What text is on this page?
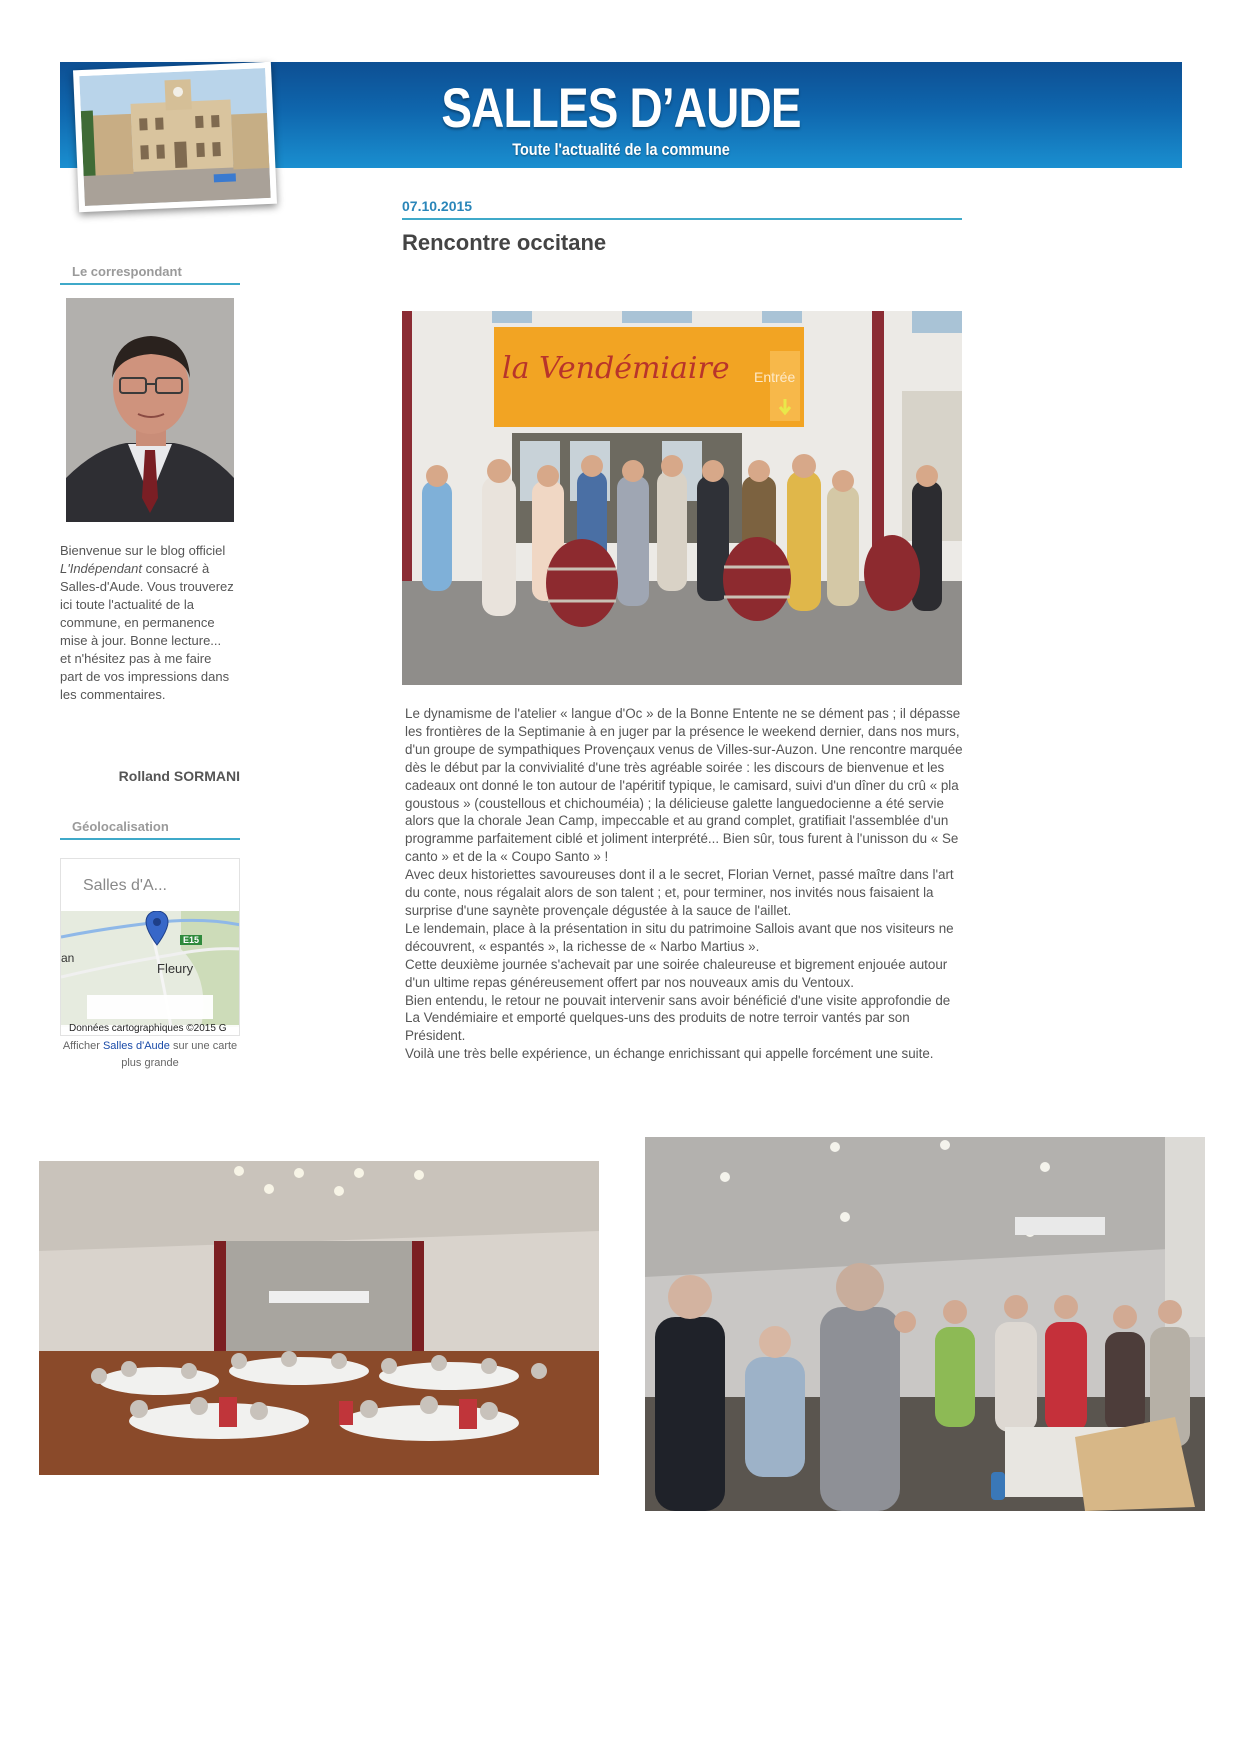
SALLES D’AUDE
Toute l'actualité de la commune
Le correspondant
Bienvenue sur le blog officiel L'Indépendant consacré à Salles-d'Aude. Vous trouverez ici toute l'actualité de la commune, en permanence mise à jour. Bonne lecture... et n'hésitez pas à me faire part de vos impressions dans les commentaires.
Rolland SORMANI
Géolocalisation
Salles d'A...
E15
an
Fleury
Données cartographiques ©2015 G
Afficher Salles d'Aude sur une carte plus grande
07.10.2015
Rencontre occitane
la Vendémiaire Entrée

Le dynamisme de l'atelier « langue d'Oc » de la Bonne Entente ne se dément pas ; il dépasse les frontières de la Septimanie à en juger par la présence le weekend dernier, dans nos murs, d'un groupe de sympathiques Provençaux venus de Villes-sur-Auzon. Une rencontre marquée dès le début par la convivialité d'une très agréable soirée : les discours de bienvenue et les cadeaux ont donné le ton autour de l'apéritif typique, le camisard, suivi d'un dîner du crû « pla goustous » (coustellous et chichouméia) ; la délicieuse galette languedocienne a été servie alors que la chorale Jean Camp, impeccable et au grand complet, gratifiait l'assemblée d'un programme parfaitement ciblé et joliment interprété... Bien sûr, tous furent à l'unisson du « Se canto » et de la « Coupo Santo » !

Avec deux historiettes savoureuses dont il a le secret, Florian Vernet, passé maître dans l'art du conte, nous régalait alors de son talent ; et, pour terminer, nos invités nous faisaient la surprise d'une saynète provençale dégustée à la sauce de l'aillet.

Le lendemain, place à la présentation in situ du patrimoine Sallois avant que nos visiteurs ne découvrent, « espantés », la richesse de « Narbo Martius ».

Cette deuxième journée s'achevait par une soirée chaleureuse et bigrement enjouée autour d'un ultime repas généreusement offert par nos nouveaux amis du Ventoux.

Bien entendu, le retour ne pouvait intervenir sans avoir bénéficié d'une visite approfondie de La Vendémiaire et emporté quelques-uns des produits de notre terroir vantés par son Président.

Voilà une très belle expérience, un échange enrichissant qui appelle forcément une suite.
